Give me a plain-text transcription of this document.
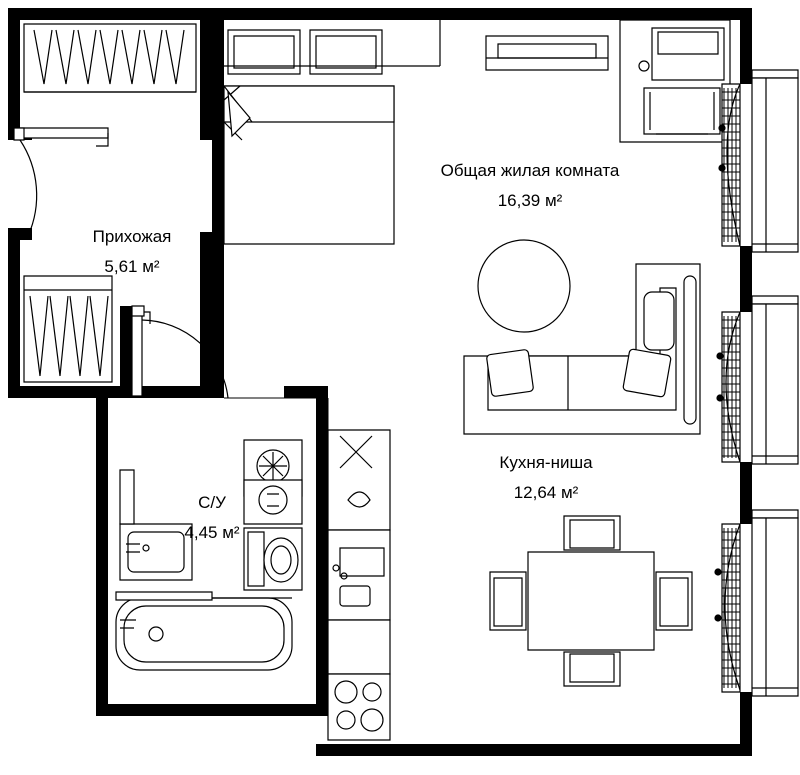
Прихожая
5,61 м²
Общая жилая комната
16,39 м²
С/У
4,45 м²
Кухня-ниша
12,64 м²
